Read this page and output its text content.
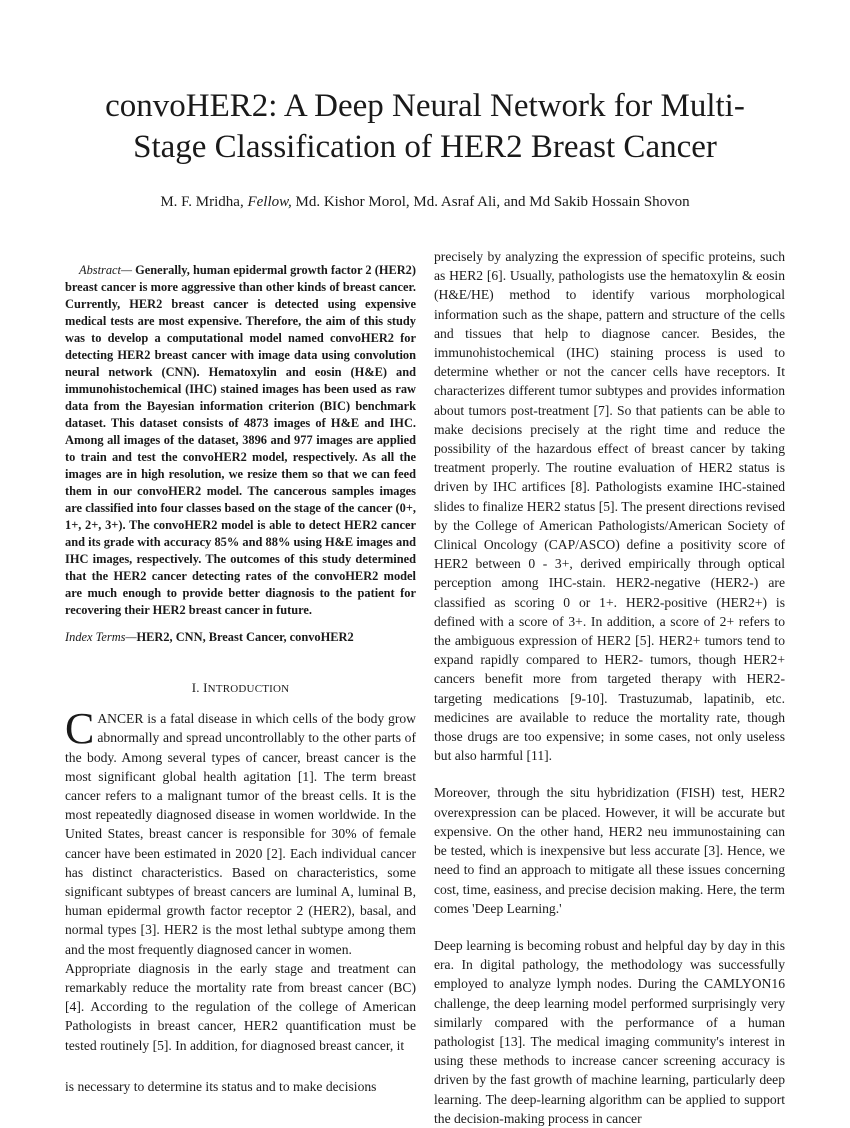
convoHER2: A Deep Neural Network for Multi-
Stage Classification of HER2 Breast Cancer
M. F. Mridha, Fellow, Md. Kishor Morol, Md. Asraf Ali, and Md Sakib Hossain Shovon

Abstract— Generally, human epidermal growth factor 2 (HER2) breast cancer is more aggressive than other kinds of breast cancer. Currently, HER2 breast cancer is detected using expensive medical tests are most expensive. Therefore, the aim of this study was to develop a computational model named convoHER2 for detecting HER2 breast cancer with image data using convolution neural network (CNN). Hematoxylin and eosin (H&E) and immunohistochemical (IHC) stained images has been used as raw data from the Bayesian information criterion (BIC) benchmark dataset. This dataset consists of 4873 images of H&E and IHC. Among all images of the dataset, 3896 and 977 images are applied to train and test the convoHER2 model, respectively. As all the images are in high resolution, we resize them so that we can feed them in our convoHER2 model. The cancerous samples images are classified into four classes based on the stage of the cancer (0+, 1+, 2+, 3+). The convoHER2 model is able to detect HER2 cancer and its grade with accuracy 85% and 88% using H&E images and IHC images, respectively. The outcomes of this study determined that the HER2 cancer detecting rates of the convoHER2 model are much enough to provide better diagnosis to the patient for recovering their HER2 breast cancer in future.

Index Terms—HER2, CNN, Breast Cancer, convoHER2

I. INTRODUCTION

CANCER is a fatal disease in which cells of the body grow abnormally and spread uncontrollably to the other parts of the body. Among several types of cancer, breast cancer is the most significant global health agitation [1]. The term breast cancer refers to a malignant tumor of the breast cells. It is the most repeatedly diagnosed disease in women worldwide. In the United States, breast cancer is responsible for 30% of female cancer have been estimated in 2020 [2]. Each individual cancer has distinct characteristics. Based on characteristics, some significant subtypes of breast cancers are luminal A, luminal B, human epidermal growth factor receptor 2 (HER2), basal, and normal types [3]. HER2 is the most lethal subtype among them and the most frequently diagnosed cancer in women.

Appropriate diagnosis in the early stage and treatment can remarkably reduce the mortality rate from breast cancer (BC) [4]. According to the regulation of the college of American Pathologists in breast cancer, HER2 quantification must be tested routinely [5]. In addition, for diagnosed breast cancer, it

is necessary to determine its status and to make decisions

precisely by analyzing the expression of specific proteins, such as HER2 [6]. Usually, pathologists use the hematoxylin & eosin (H&E/HE) method to identify various morphological information such as the shape, pattern and structure of the cells and tissues that help to diagnose cancer. Besides, the immunohistochemical (IHC) staining process is used to determine whether or not the cancer cells have receptors. It characterizes different tumor subtypes and provides information about tumors post-treatment [7]. So that patients can be able to make decisions precisely at the right time and reduce the possibility of the hazardous effect of breast cancer by taking treatment properly. The routine evaluation of HER2 status is driven by IHC artifices [8]. Pathologists examine IHC-stained slides to finalize HER2 status [5]. The present directions revised by the College of American Pathologists/American Society of Clinical Oncology (CAP/ASCO) define a positivity score of HER2 between 0 - 3+, derived empirically through optical perception among IHC-stain. HER2-negative (HER2-) are classified as scoring 0 or 1+. HER2-positive (HER2+) is defined with a score of 3+. In addition, a score of 2+ refers to the ambiguous expression of HER2 [5]. HER2+ tumors tend to expand rapidly compared to HER2- tumors, though HER2+ cancers benefit more from targeted therapy with HER2-targeting medications [9-10]. Trastuzumab, lapatinib, etc. medicines are available to reduce the mortality rate, though those drugs are too expensive; in some cases, not only useless but also harmful [11].

Moreover, through the situ hybridization (FISH) test, HER2 overexpression can be placed. However, it will be accurate but expensive. On the other hand, HER2 neu immunostaining can be tested, which is inexpensive but less accurate [3]. Hence, we need to find an approach to mitigate all these issues concerning cost, time, easiness, and precise decision making. Here, the term comes 'Deep Learning.'

Deep learning is becoming robust and helpful day by day in this era. In digital pathology, the methodology was successfully employed to analyze lymph nodes. During the CAMLYON16 challenge, the deep learning model performed surprisingly very similarly compared with the performance of a human pathologist [13]. The medical imaging community's interest in using these methods to increase cancer screening accuracy is driven by the fast growth of machine learning, particularly deep learning. The deep-learning algorithm can be applied to support the decision-making process in cancer
